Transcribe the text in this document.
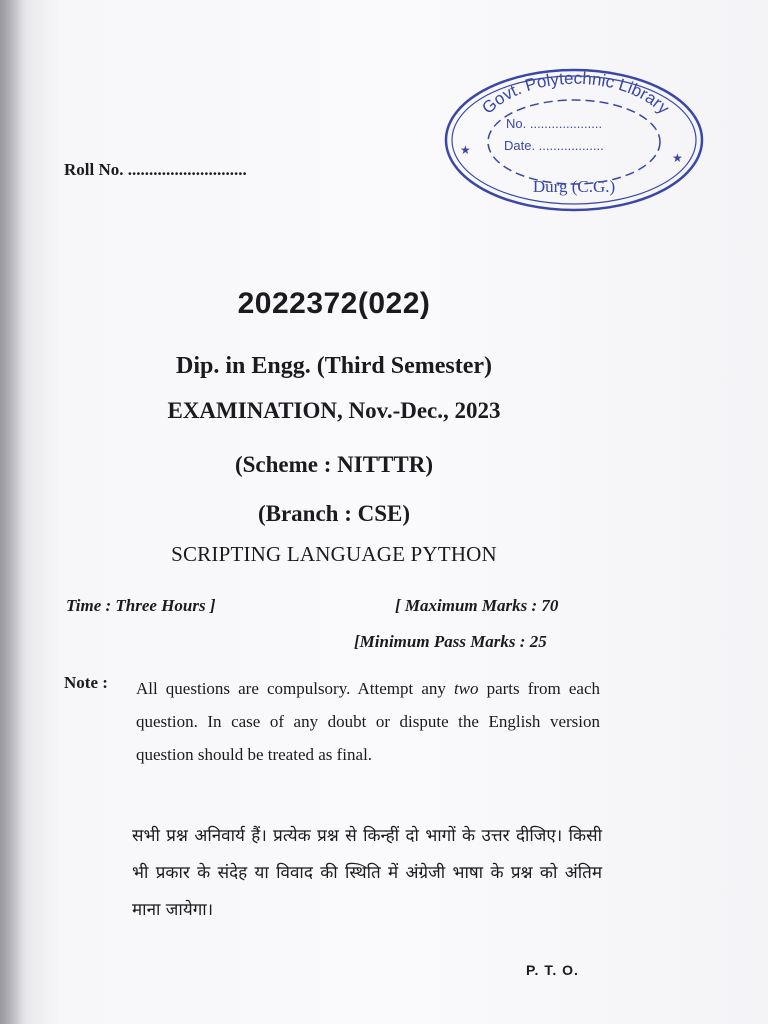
Govt. Polytechnic Library
No. ....................
Date. ..................
Durg (C.G.)
★
★
Roll No. ............................
2022372(022)
Dip. in Engg. (Third Semester)
EXAMINATION, Nov.-Dec., 2023
(Scheme : NITTTR)
(Branch : CSE)
SCRIPTING LANGUAGE PYTHON
Time : Three Hours ]	[ Maximum Marks : 70
[Minimum Pass Marks : 25
Note : All questions are compulsory. Attempt any two parts from each question. In case of any doubt or dispute the English version question should be treated as final.
सभी प्रश्न अनिवार्य हैं। प्रत्येक प्रश्न से किन्हीं दो भागों के उत्तर दीजिए। किसी भी प्रकार के संदेह या विवाद की स्थिति में अंग्रेजी भाषा के प्रश्न को अंतिम माना जायेगा।
P. T. O.
